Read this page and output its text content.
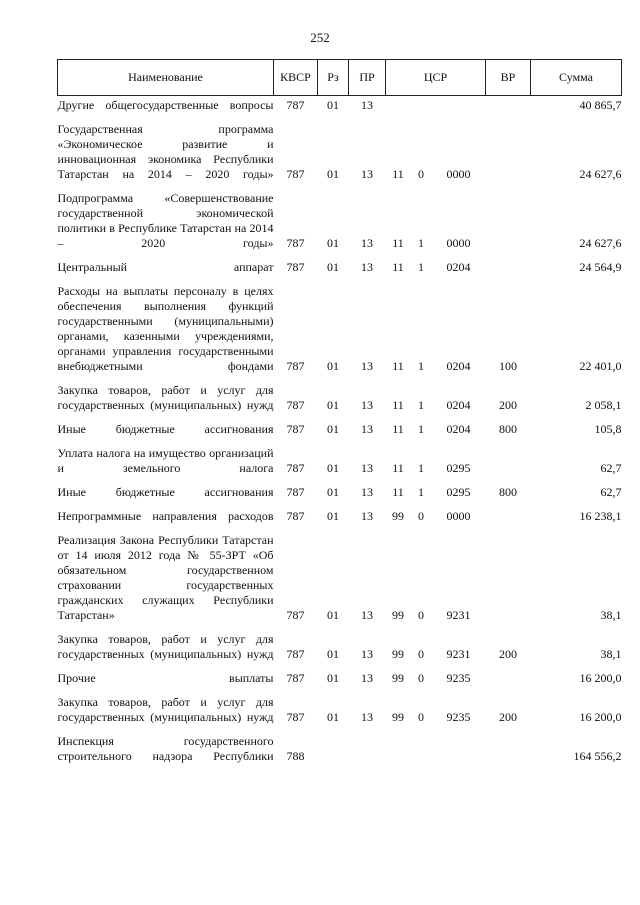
252
Наименование	КВСР	Рз	ПР	ЦСР			ВР	Сумма
Другие общегосударственные вопросы	787	01	13					40 865,7
Государственная программа «Экономическое развитие и инновационная экономика Республики Татарстан на 2014 – 2020 годы»	787	01	13	11	0	0000		24 627,6
Подпрограмма «Совершенствование государственной экономической политики в Республике Татарстан на 2014 – 2020 годы»	787	01	13	11	1	0000		24 627,6
Центральный аппарат	787	01	13	11	1	0204		24 564,9
Расходы на выплаты персоналу в целях обеспечения выполнения функций государственными (муниципальными) органами, казенными учреждениями, органами управления государственными внебюджетными фондами	787	01	13	11	1	0204	100	22 401,0
Закупка товаров, работ и услуг для государственных (муниципальных) нужд	787	01	13	11	1	0204	200	2 058,1
Иные бюджетные ассигнования	787	01	13	11	1	0204	800	105,8
Уплата налога на имущество организаций и земельного налога	787	01	13	11	1	0295		62,7
Иные бюджетные ассигнования	787	01	13	11	1	0295	800	62,7
Непрограммные направления расходов	787	01	13	99	0	0000		16 238,1
Реализация Закона Республики Татарстан от 14 июля 2012 года № 55-ЗРТ «Об обязательном государственном страховании государственных гражданских служащих Республики Татарстан»	787	01	13	99	0	9231		38,1
Закупка товаров, работ и услуг для государственных (муниципальных) нужд	787	01	13	99	0	9231	200	38,1
Прочие выплаты	787	01	13	99	0	9235		16 200,0
Закупка товаров, работ и услуг для государственных (муниципальных) нужд	787	01	13	99	0	9235	200	16 200,0
Инспекция государственного строительного надзора Республики	788							164 556,2
